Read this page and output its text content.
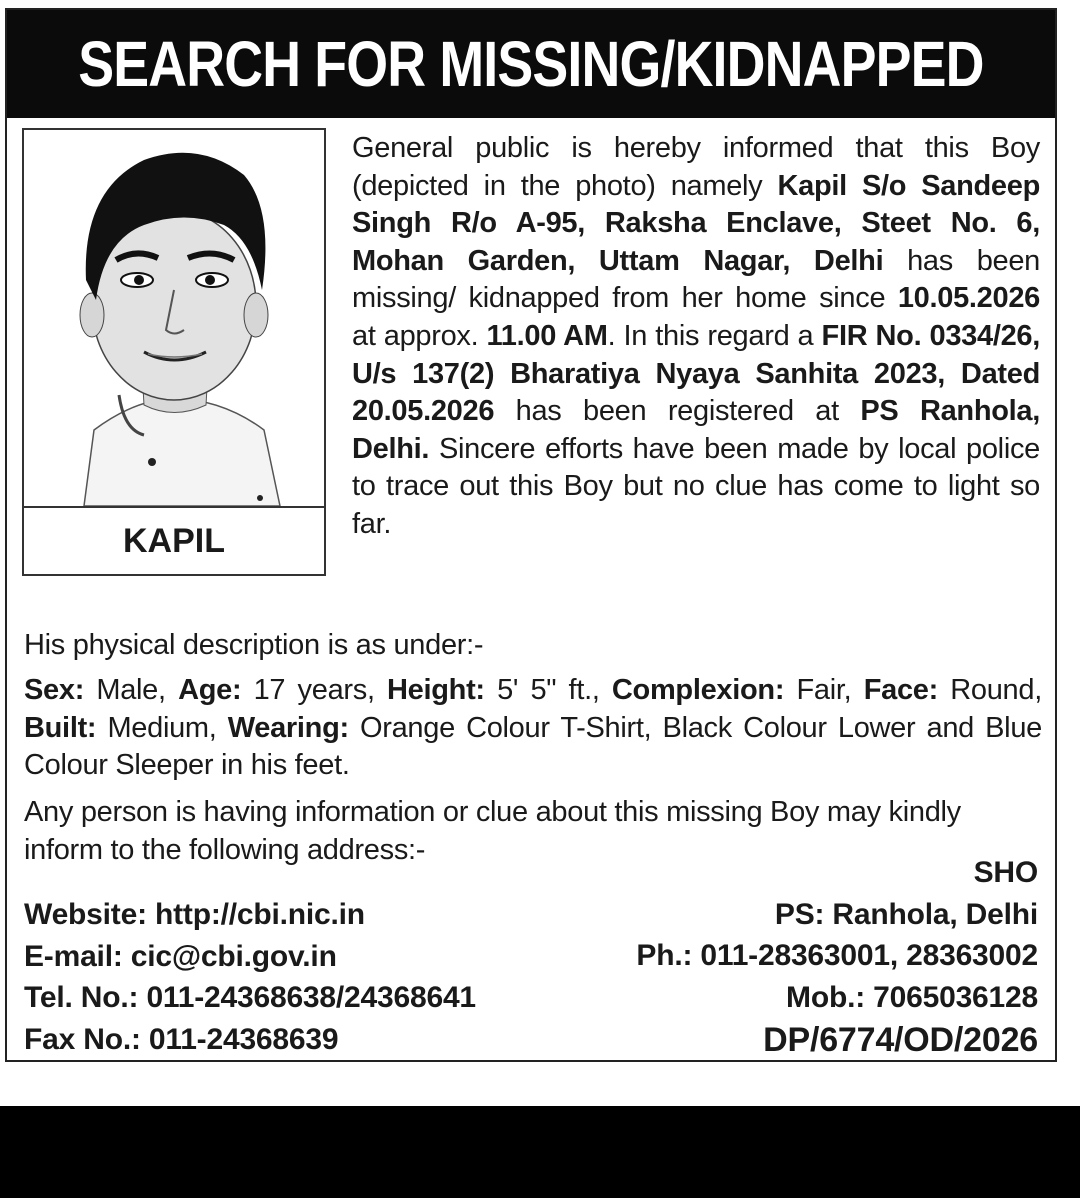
SEARCH FOR MISSING/KIDNAPPED
KAPIL
General public is hereby informed that this Boy (depicted in the photo) namely Kapil S/o Sandeep Singh R/o A-95, Raksha Enclave, Steet No. 6, Mohan Garden, Uttam Nagar, Delhi has been missing/ kidnapped from her home since 10.05.2026 at approx. 11.00 AM. In this regard a FIR No. 0334/26, U/s 137(2) Bharatiya Nyaya Sanhita 2023, Dated 20.05.2026 has been registered at PS Ranhola, Delhi. Sincere efforts have been made by local police to trace out this Boy but no clue has come to light so far.
His physical description is as under:-
Sex: Male, Age: 17 years, Height: 5' 5" ft., Complexion: Fair, Face: Round, Built: Medium, Wearing: Orange Colour T-Shirt, Black Colour Lower and Blue Colour Sleeper in his feet.
Any person is having information or clue about this missing Boy may kindly inform to the following address:-
Website: http://cbi.nic.in
E-mail: cic@cbi.gov.in
Tel. No.: 011-24368638/24368641
Fax No.: 011-24368639
SHO
PS: Ranhola, Delhi
Ph.: 011-28363001, 28363002
Mob.: 7065036128
DP/6774/OD/2026
